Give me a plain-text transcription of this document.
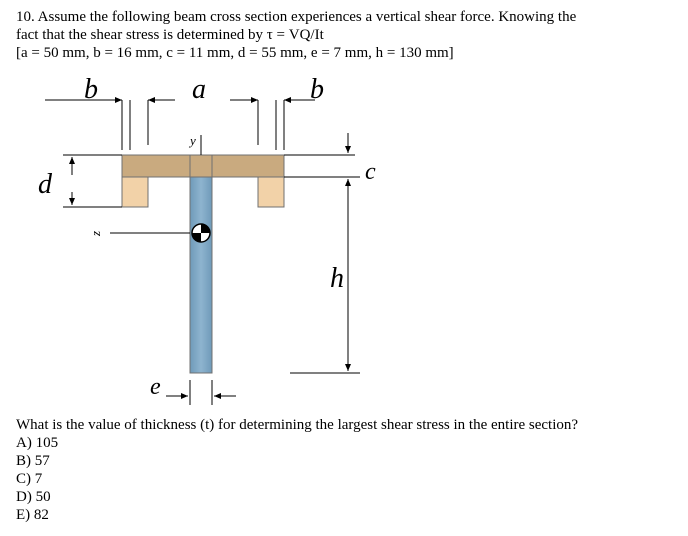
10. Assume the following beam cross section experiences a vertical shear force. Knowing the

fact that the shear stress is determined by τ = VQ/It

[a = 50 mm, b = 16 mm, c = 11 mm, d = 55 mm, e = 7 mm, h = 130 mm]

b	a	b
y
c
d
z
h
e

What is the value of thickness (t) for determining the largest shear stress in the entire section?

A) 105
B) 57
C) 7
D) 50
E) 82
